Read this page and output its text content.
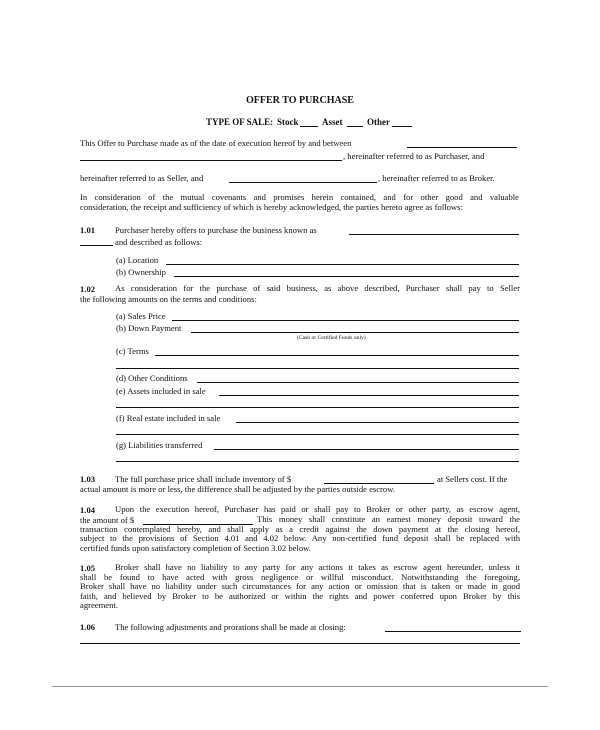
OFFER TO PURCHASE
TYPE OF SALE: Stock	Asset	Other
This Offer to Purchase made as of the date of execution hereof by and between
, hereinafter referred to as Purchaser, and
hereinafter referred to as Seller, and	, hereinafter referred to as Broker.
In consideration of the mutual covenants and promises herein contained, and for other good and valuable
consideration, the receipt and sufficiency of which is hereby acknowledged, the parties hereto agree as follows:
1.01 Purchaser hereby offers to purchase the business known as
and described as follows:
(a) Location
(b) Ownership
1.02 As consideration for the purchase of said business, as above described, Purchaser shall pay to Seller
the following amounts on the terms and conditions:
(a) Sales Price
(b) Down Payment
(Cash or Certified Funds only)
(c) Terms
(d) Other Conditions
(e) Assets included in sale
(f) Real estate included in sale
(g) Liabilities transferred
1.03 The full purchase price shall include inventory of $	at Sellers cost. If the
actual amount is more or less, the difference shall be adjusted by the parties outside escrow.
1.04 Upon the execution hereof, Purchaser has paid or shall pay to Broker or other party, as escrow agent,
the amount of $	This money shall constitute an earnest money deposit toward the
transaction contemplated hereby, and shall apply as a credit against the down payment at the closing hereof,
subject to the provisions of Section 4.01 and 4.02 below. Any non-certified fund deposit shall be replaced with
certified funds upon satisfactory completion of Section 3.02 below.
1.05 Broker shall have no liability to any party for any actions it takes as escrow agent hereunder, unless it
shall be found to have acted with gross negligence or willful misconduct. Notwithstanding the foregoing,
Broker shall have no liability under such circumstances for any action or omission that is taken or made in good
faith, and believed by Broker to be authorized or within the rights and power conferred upon Broker by this
agreement.
1.06 The following adjustments and prorations shall be made at closing:
